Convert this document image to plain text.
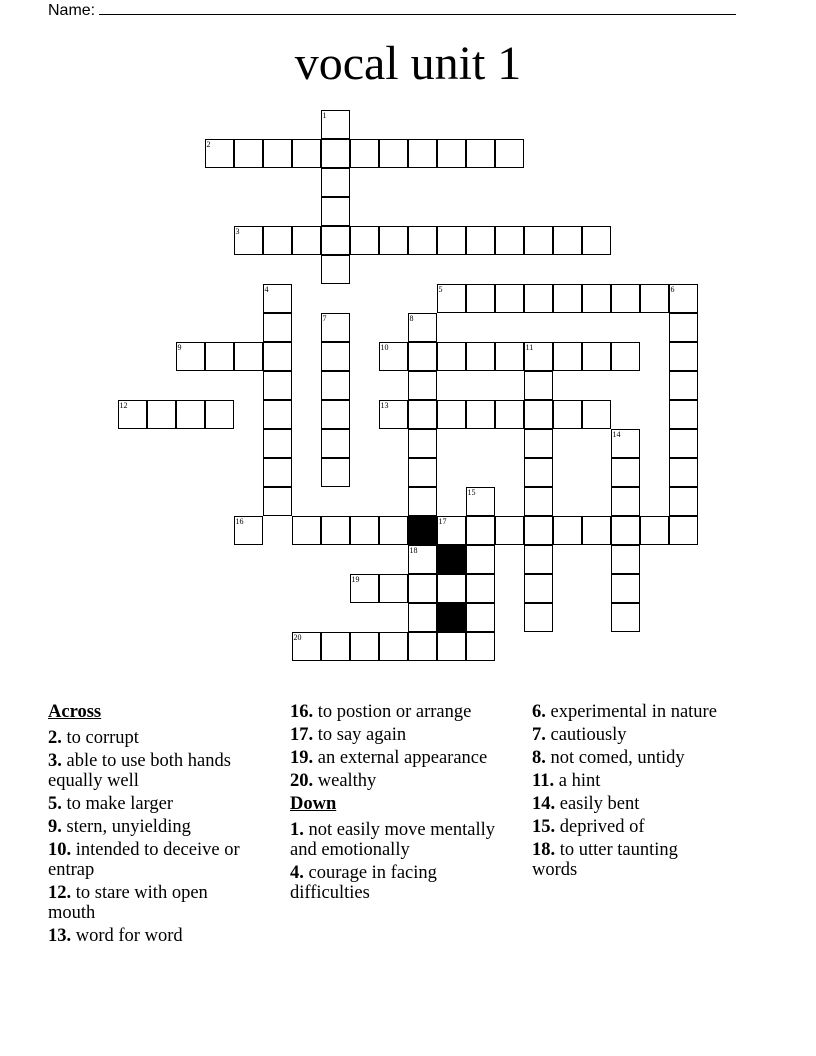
Name:
vocal unit 1
1
2
3
4	5	6
7	8
9	10	11
12	13
14
15
16	17
18
19
20
Across
2. to corrupt
3. able to use both hands equally well
5. to make larger
9. stern, unyielding
10. intended to deceive or entrap
12. to stare with open mouth
13. word for word
16. to postion or arrange
17. to say again
19. an external appearance
20. wealthy
Down
1. not easily move mentally and emotionally
4. courage in facing difficulties
6. experimental in nature
7. cautiously
8. not comed, untidy
11. a hint
14. easily bent
15. deprived of
18. to utter taunting words
